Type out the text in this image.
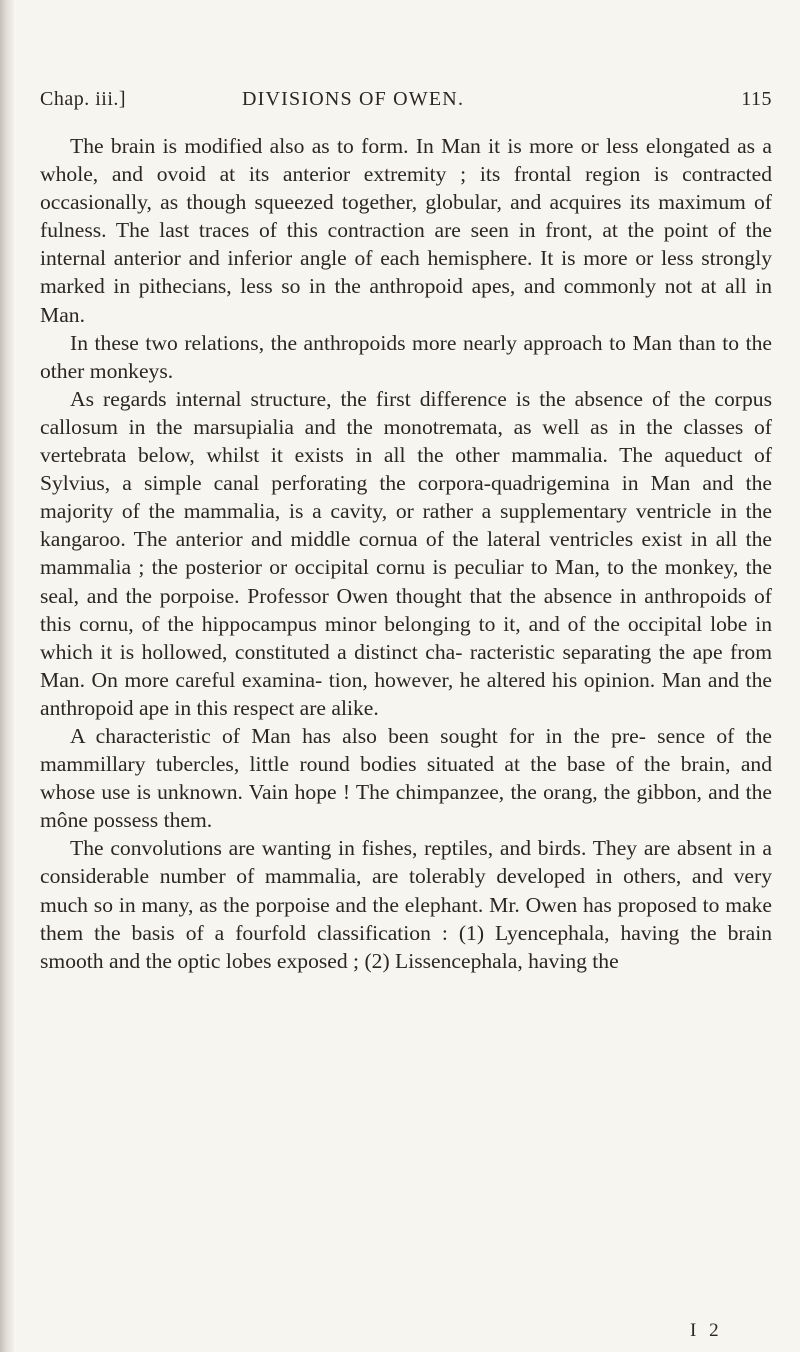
Chap. iii.]	DIVISIONS OF OWEN.	115

The brain is modified also as to form. In Man it is more or less elongated as a whole, and ovoid at its anterior extremity ; its frontal region is contracted occasionally, as though squeezed together, globular, and acquires its maximum of fulness. The last traces of this contraction are seen in front, at the point of the internal anterior and inferior angle of each hemisphere. It is more or less strongly marked in pithecians, less so in the anthropoid apes, and commonly not at all in Man.

In these two relations, the anthropoids more nearly approach to Man than to the other monkeys.

As regards internal structure, the first difference is the absence of the corpus callosum in the marsupialia and the monotremata, as well as in the classes of vertebrata below, whilst it exists in all the other mammalia. The aqueduct of Sylvius, a simple canal perforating the corpora-quadrigemina in Man and the majority of the mammalia, is a cavity, or rather a supplementary ventricle in the kangaroo. The anterior and middle cornua of the lateral ventricles exist in all the mammalia ; the posterior or occipital cornu is peculiar to Man, to the monkey, the seal, and the porpoise. Professor Owen thought that the absence in anthropoids of this cornu, of the hippocampus minor belonging to it, and of the occipital lobe in which it is hollowed, constituted a distinct cha- racteristic separating the ape from Man. On more careful examina- tion, however, he altered his opinion. Man and the anthropoid ape in this respect are alike.

A characteristic of Man has also been sought for in the pre- sence of the mammillary tubercles, little round bodies situated at the base of the brain, and whose use is unknown. Vain hope ! The chimpanzee, the orang, the gibbon, and the mône possess them.

The convolutions are wanting in fishes, reptiles, and birds. They are absent in a considerable number of mammalia, are tolerably developed in others, and very much so in many, as the porpoise and the elephant. Mr. Owen has proposed to make them the basis of a fourfold classification : (1) Lyencephala, having the brain smooth and the optic lobes exposed ; (2) Lissencephala, having the

I 2
